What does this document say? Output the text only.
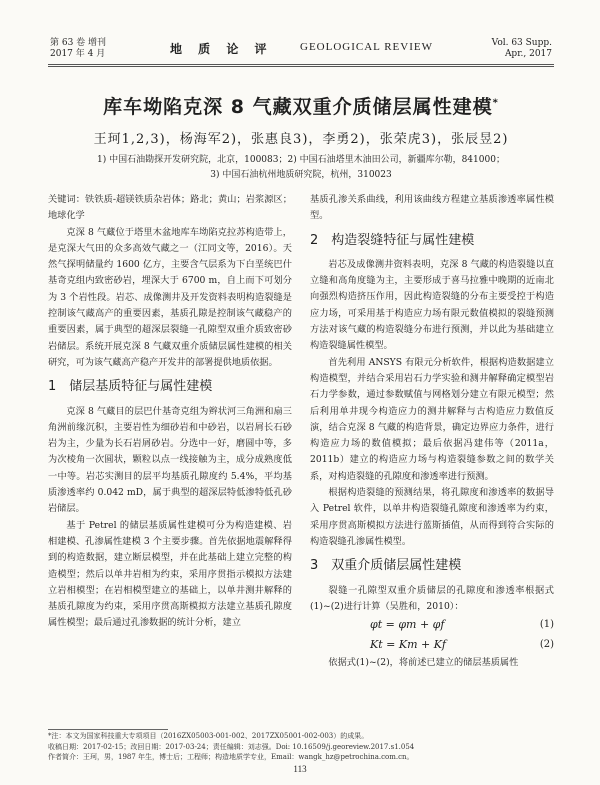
第 63 卷 增刊
2017 年 4 月	地 质 论 评 GEOLOGICAL REVIEW	Vol. 63 Supp.
Apr., 2017
库车坳陷克深 8 气藏双重介质储层属性建模*
王珂1,2,3)，杨海军2)，张惠良3)，李勇2)，张荣虎3)，张辰昱2)
1) 中国石油勘探开发研究院，北京，100083；2) 中国石油塔里木油田公司，新疆库尔勒，841000；
3) 中国石油杭州地质研究院，杭州，310023

关键词：铁铁质-超镁铁质杂岩体；路北；黄山；岩浆源区；地球化学

克深 8 气藏位于塔里木盆地库车坳陷克拉苏构造带上，是克深大气田的众多高效气藏之一（江同文等，2016）。天然气探明储量约 1600 亿方，主要含气层系为下白垩统巴什基奇克组内致密砂岩，埋深大于 6700 m，自上而下可划分为 3 个岩性段。岩芯、成像测井及开发资料表明构造裂缝是控制该气藏高产的重要因素，基质孔隙是控制该气藏稳产的重要因素，属于典型的超深层裂缝一孔隙型双重介质致密砂岩储层。系统开展克深 8 气藏双重介质储层属性建模的相关研究，可为该气藏高产稳产开发井的部署提供地质依据。

1　储层基质特征与属性建模

克深 8 气藏目的层巴什基奇克组为辫状河三角洲和扇三角洲前缘沉积，主要岩性为细砂岩和中砂岩，以岩屑长石砂岩为主，少量为长石岩屑砂岩。分选中一好，磨圆中等，多为次棱角一次圆状，颗粒以点一线接触为主，成分成熟度低一中等。岩芯实测目的层平均基质孔隙度约 5.4%，平均基质渗透率约 0.042 mD，属于典型的超深层特低渗特低孔砂岩储层。

基于 Petrel 的储层基质属性建模可分为构造建模、岩相建模、孔渗属性建模 3 个主要步骤。首先依据地震解释得到的构造数据，建立断层模型，并在此基础上建立完整的构造模型；然后以单井岩相为约束，采用序贯指示模拟方法建立岩相模型；在岩相模型建立的基础上，以单井测井解释的基质孔隙度为约束，采用序贯高斯模拟方法建立基质孔隙度属性模型；最后通过孔渗数据的统计分析，建立

基质孔渗关系曲线，利用该曲线方程建立基质渗透率属性模型。

2　构造裂缝特征与属性建模

岩芯及成像测井资料表明，克深 8 气藏的构造裂缝以直立缝和高角度缝为主，主要形成于喜马拉雅中晚期的近南北向强烈构造挤压作用，因此构造裂缝的分布主要受控于构造应力场，可采用基于构造应力场有限元数值模拟的裂缝预测方法对该气藏的构造裂缝分布进行预测，并以此为基础建立构造裂缝属性模型。

首先利用 ANSYS 有限元分析软件，根据构造数据建立构造模型，并结合采用岩石力学实验和测井解释确定模型岩石力学参数，通过参数赋值与网格划分建立有限元模型；然后利用单井现今构造应力的测井解释与古构造应力数值反演，结合克深 8 气藏的构造背景，确定边界应力条件，进行构造应力场的数值模拟；最后依据冯建伟等（2011a，2011b）建立的构造应力场与构造裂缝参数之间的数学关系，对构造裂缝的孔隙度和渗透率进行预测。

根据构造裂缝的预测结果，将孔隙度和渗透率的数据导入 Petrel 软件，以单井构造裂缝孔隙度和渗透率为约束，采用序贯高斯模拟方法进行蓝斯插值，从而得到符合实际的构造裂缝孔渗属性模型。

3　双重介质储层属性建模

裂缝一孔隙型双重介质储层的孔隙度和渗透率根据式(1)~(2)进行计算（吴胜和，2010）：

φt = φm + φf	(1)
Kt = Km + Kf	(2)

依据式(1)~(2)，将前述已建立的储层基质属性

*注：本文为国家科技重大专项项目（2016ZX05003-001-002、2017ZX05001-002-003）的成果。
收稿日期：2017-02-15；改回日期：2017-03-24；责任编辑：刘志强。Doi: 10.16509/j.georeview.2017.s1.054
作者简介：王珂，男，1987 年生，博士后；工程师；构造地质学专业，Email：wangk_hz@petrochina.com.cn。
113
